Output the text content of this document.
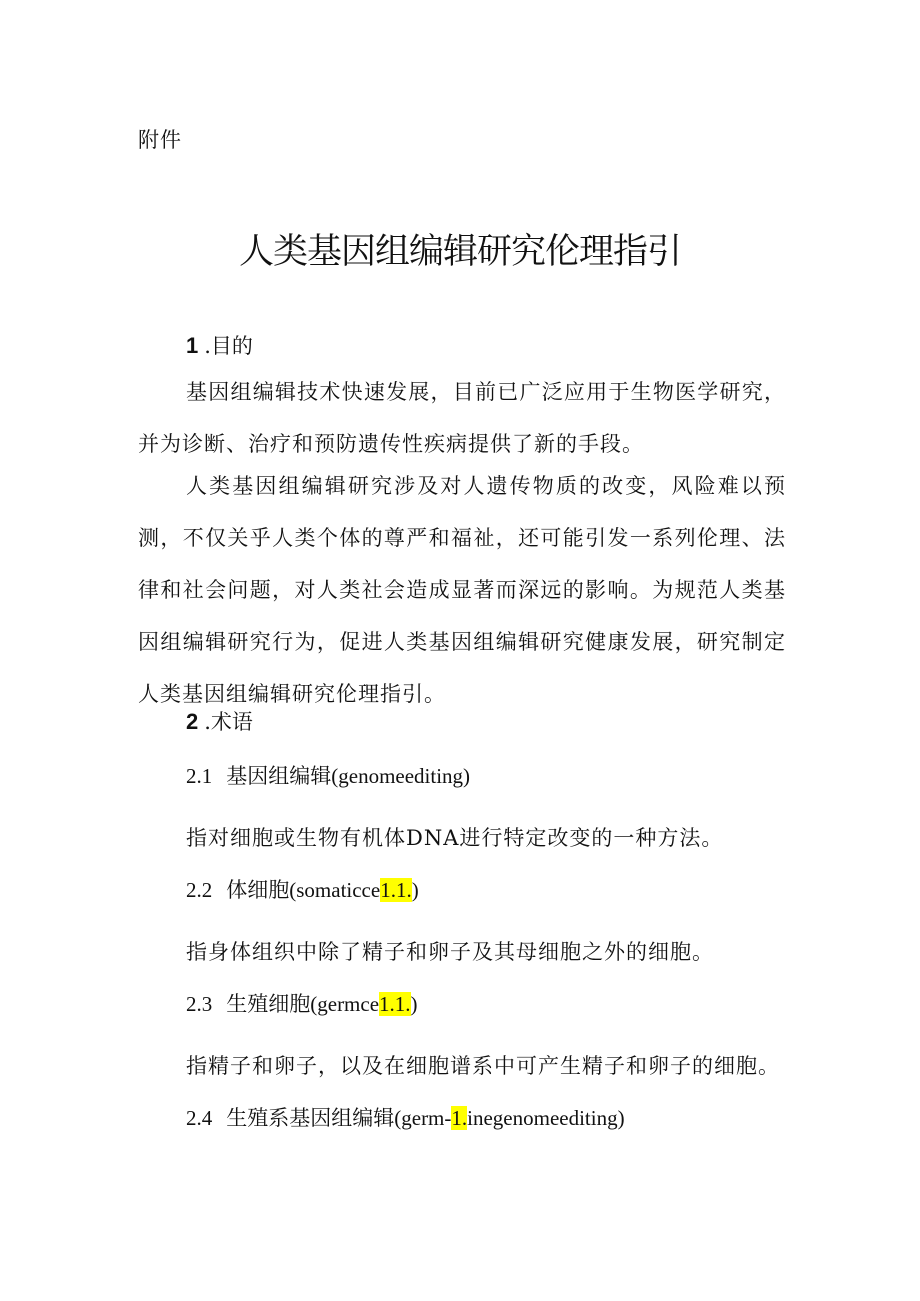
附件
人类基因组编辑研究伦理指引
1 .目的
基因组编辑技术快速发展，目前已广泛应用于生物医学研究，并为诊断、治疗和预防遗传性疾病提供了新的手段。
人类基因组编辑研究涉及对人遗传物质的改变，风险难以预测，不仅关乎人类个体的尊严和福祉，还可能引发一系列伦理、法律和社会问题，对人类社会造成显著而深远的影响。为规范人类基因组编辑研究行为，促进人类基因组编辑研究健康发展，研究制定人类基因组编辑研究伦理指引。
2 .术语
2.1 基因组编辑(genomeediting)
指对细胞或生物有机体DNA进行特定改变的一种方法。
2.2 体细胞(somaticce1.1.)
指身体组织中除了精子和卵子及其母细胞之外的细胞。
2.3 生殖细胞(germce1.1.)
指精子和卵子，以及在细胞谱系中可产生精子和卵子的细胞。
2.4 生殖系基因组编辑(germ-1.inegenomeediting)
